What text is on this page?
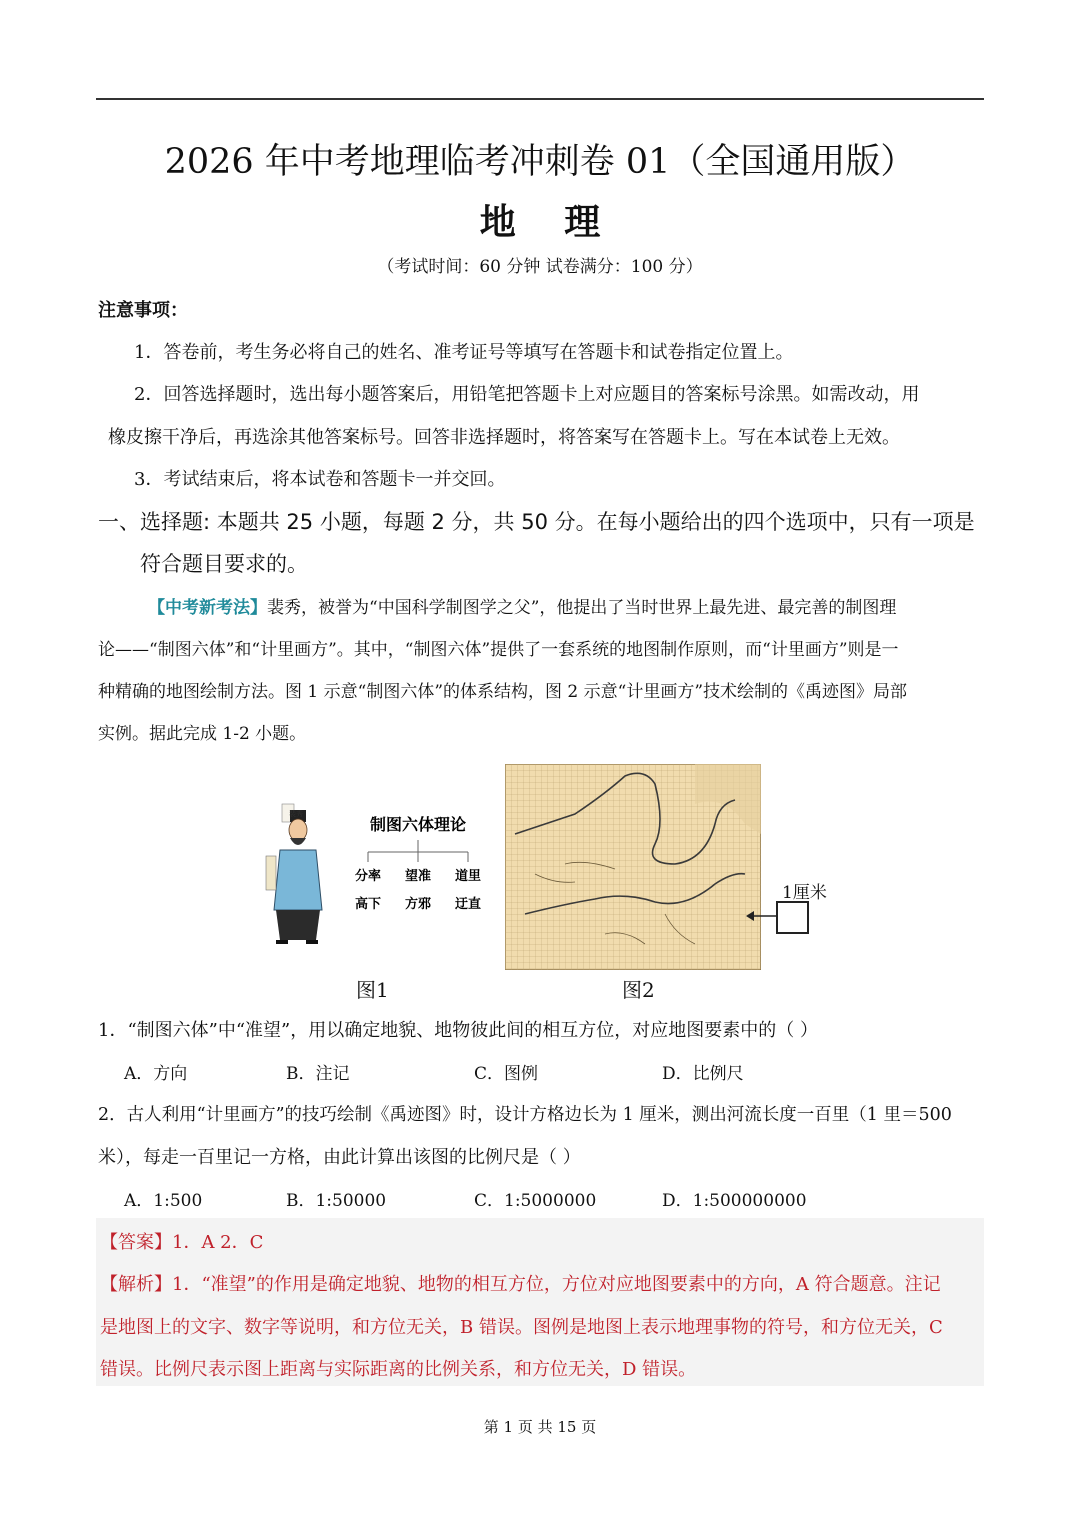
2026 年中考地理临考冲刺卷 01（全国通用版）
地 理
（考试时间：60 分钟 试卷满分：100 分）
注意事项：
1．答卷前，考生务必将自己的姓名、准考证号等填写在答题卡和试卷指定位置上。
2．回答选择题时，选出每小题答案后，用铅笔把答题卡上对应题目的答案标号涂黑。如需改动，用
橡皮擦干净后，再选涂其他答案标号。回答非选择题时，将答案写在答题卡上。写在本试卷上无效。
3．考试结束后，将本试卷和答题卡一并交回。
一、选择题: 本题共 25 小题，每题 2 分，共 50 分。在每小题给出的四个选项中，只有一项是
符合题目要求的。
【中考新考法】裴秀，被誉为“中国科学制图学之父”，他提出了当时世界上最先进、最完善的制图理
论——“制图六体”和“计里画方”。其中，“制图六体”提供了一套系统的地图制作原则，而“计里画方”则是一
种精确的地图绘制方法。图 1 示意“制图六体”的体系结构，图 2 示意“计里画方”技术绘制的《禹迹图》局部
实例。据此完成 1-2 小题。
裴秀
制图六体理论
分率 望准 道里
高下 方邪 迂直
图1	图2
1厘米
1．“制图六体”中“准望”，用以确定地貌、地物彼此间的相互方位，对应地图要素中的（ ）
A．方向	B．注记	C．图例	D．比例尺
2．古人利用“计里画方”的技巧绘制《禹迹图》时，设计方格边长为 1 厘米，测出河流长度一百里（1 里＝500
米），每走一百里记一方格，由此计算出该图的比例尺是（ ）
A．1:500	B．1:50000	C．1:5000000	D．1:500000000
【答案】1．A 2．C
【解析】1．“准望”的作用是确定地貌、地物的相互方位，方位对应地图要素中的方向，A 符合题意。注记
是地图上的文字、数字等说明，和方位无关，B 错误。图例是地图上表示地理事物的符号，和方位无关，C
错误。比例尺表示图上距离与实际距离的比例关系，和方位无关，D 错误。
第 1 页 共 15 页
